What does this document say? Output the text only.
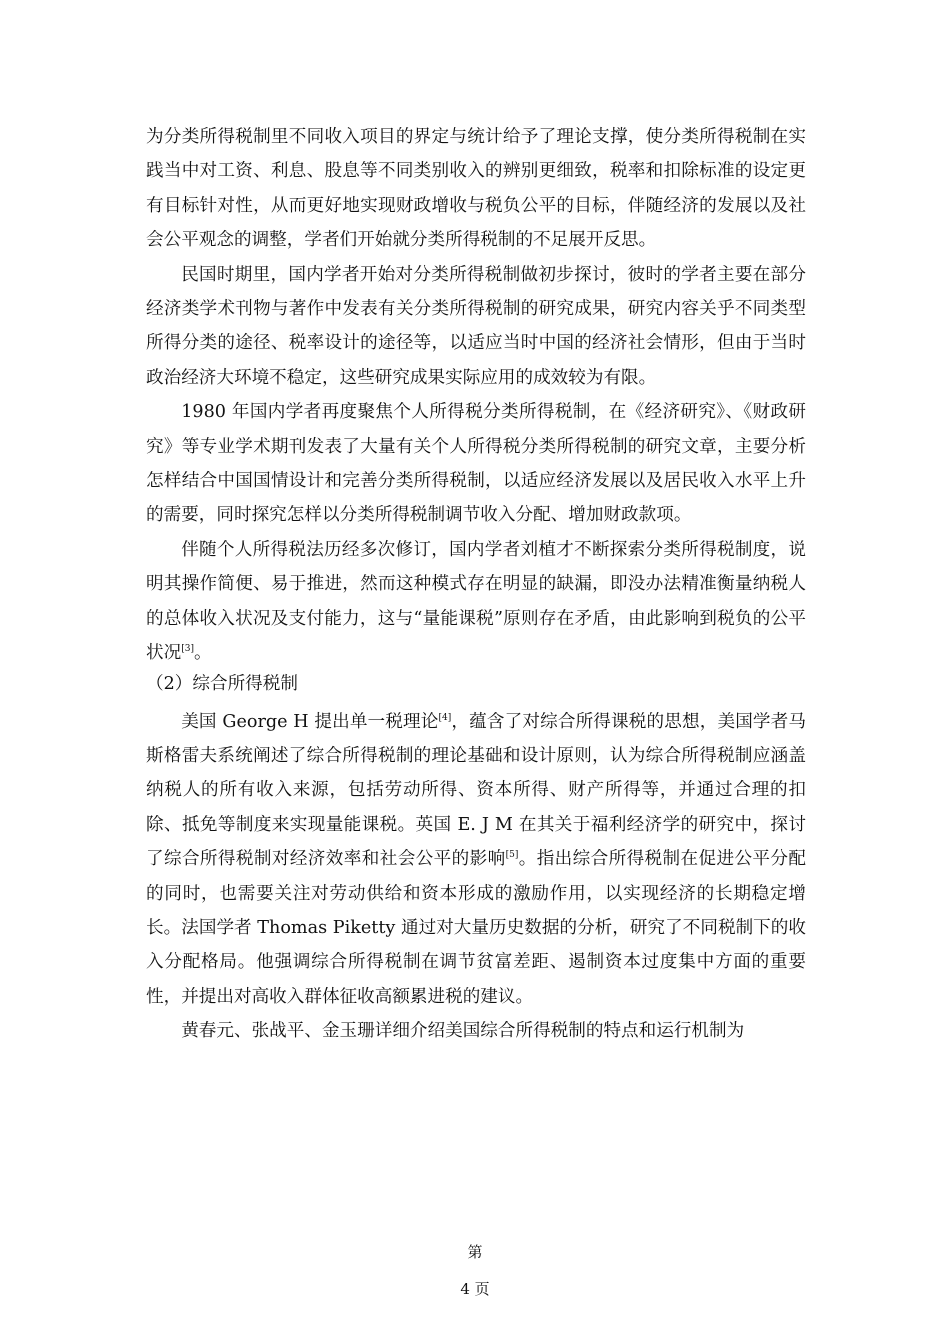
为分类所得税制里不同收入项目的界定与统计给予了理论支撑，使分类所得税制在实践当中对工资、利息、股息等不同类别收入的辨别更细致，税率和扣除标准的设定更有目标针对性，从而更好地实现财政增收与税负公平的目标，伴随经济的发展以及社会公平观念的调整，学者们开始就分类所得税制的不足展开反思。

民国时期里，国内学者开始对分类所得税制做初步探讨，彼时的学者主要在部分经济类学术刊物与著作中发表有关分类所得税制的研究成果，研究内容关乎不同类型所得分类的途径、税率设计的途径等，以适应当时中国的经济社会情形，但由于当时政治经济大环境不稳定，这些研究成果实际应用的成效较为有限。

1980 年国内学者再度聚焦个人所得税分类所得税制，在《经济研究》、《财政研究》等专业学术期刊发表了大量有关个人所得税分类所得税制的研究文章，主要分析怎样结合中国国情设计和完善分类所得税制，以适应经济发展以及居民收入水平上升的需要，同时探究怎样以分类所得税制调节收入分配、增加财政款项。

伴随个人所得税法历经多次修订，国内学者刘植才不断探索分类所得税制度，说明其操作简便、易于推进，然而这种模式存在明显的缺漏，即没办法精准衡量纳税人的总体收入状况及支付能力，这与“量能课税”原则存在矛盾，由此影响到税负的公平状况[3]。

（2）综合所得税制

美国 George H 提出单一税理论[4]，蕴含了对综合所得课税的思想，美国学者马斯格雷夫系统阐述了综合所得税制的理论基础和设计原则，认为综合所得税制应涵盖纳税人的所有收入来源，包括劳动所得、资本所得、财产所得等，并通过合理的扣除、抵免等制度来实现量能课税。英国 E. J M 在其关于福利经济学的研究中，探讨了综合所得税制对经济效率和社会公平的影响[5]。指出综合所得税制在促进公平分配的同时，也需要关注对劳动供给和资本形成的激励作用，以实现经济的长期稳定增长。法国学者 Thomas Piketty 通过对大量历史数据的分析，研究了不同税制下的收入分配格局。他强调综合所得税制在调节贫富差距、遏制资本过度集中方面的重要性，并提出对高收入群体征收高额累进税的建议。

黄春元、张战平、金玉珊详细介绍美国综合所得税制的特点和运行机制为

第
4 页
